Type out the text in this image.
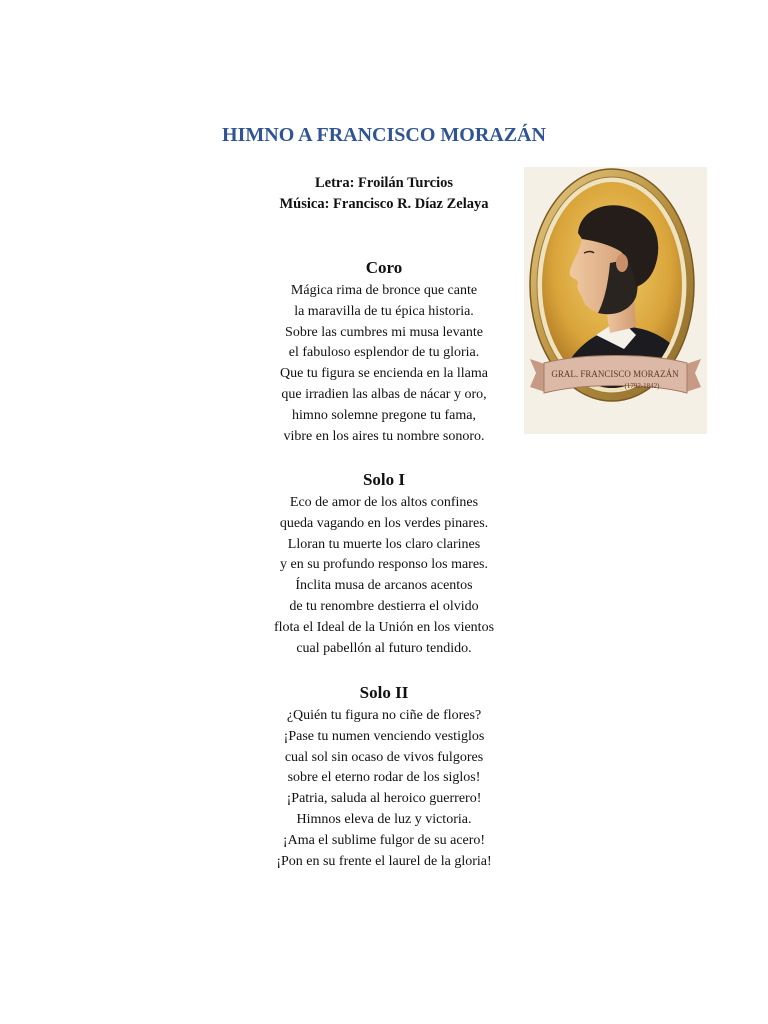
HIMNO A FRANCISCO MORAZÁN
Letra: Froilán Turcios
Música: Francisco R. Díaz Zelaya
Coro
Mágica rima de bronce que cante
la maravilla de tu épica historia.
Sobre las cumbres mi musa levante
el fabuloso esplendor de tu gloria.
Que tu figura se encienda en la llama
que irradien las albas de nácar y oro,
himno solemne pregone tu fama,
vibre en los aires tu nombre sonoro.
Solo I
Eco de amor de los altos confines
queda vagando en los verdes pinares.
Lloran tu muerte los claro clarines
y en su profundo responso los mares.
Ínclita musa de arcanos acentos
de tu renombre destierra el olvido
flota el Ideal de la Unión en los vientos
cual pabellón al futuro tendido.
Solo II
¿Quién tu figura no ciñe de flores?
¡Pase tu numen venciendo vestiglos
cual sol sin ocaso de vivos fulgores
sobre el eterno rodar de los siglos!
¡Patria, saluda al heroico guerrero!
Himnos eleva de luz y victoria.
¡Ama el sublime fulgor de su acero!
¡Pon en su frente el laurel de la gloria!
GRAL. FRANCISCO MORAZÁN
(1792-1842)
